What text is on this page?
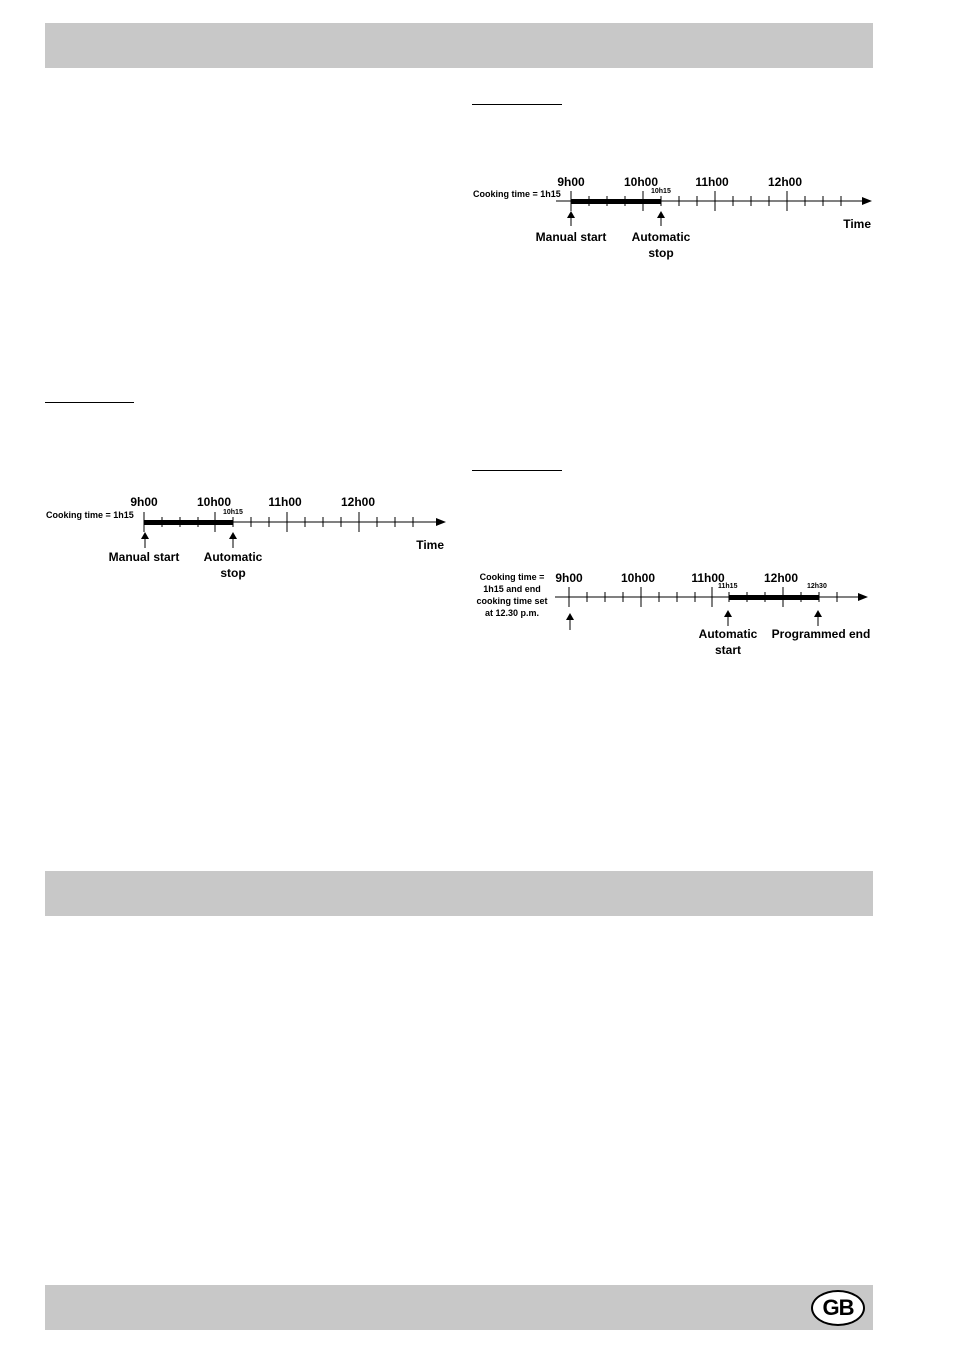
9h00	10h00	11h00	12h00
Cooking time = 1h15	10h15
Manual start Automatic
stop
Time
9h00	10h00	11h00	12h00
Cooking time = 1h15	10h15
Manual start Automatic
stop
Time
9h00	10h00	11h00	12h00
Cooking time =
1h15 and end
cooking time set
at 12.30 p.m.
11h15	12h30
Automatic
start
Programmed end
GB
